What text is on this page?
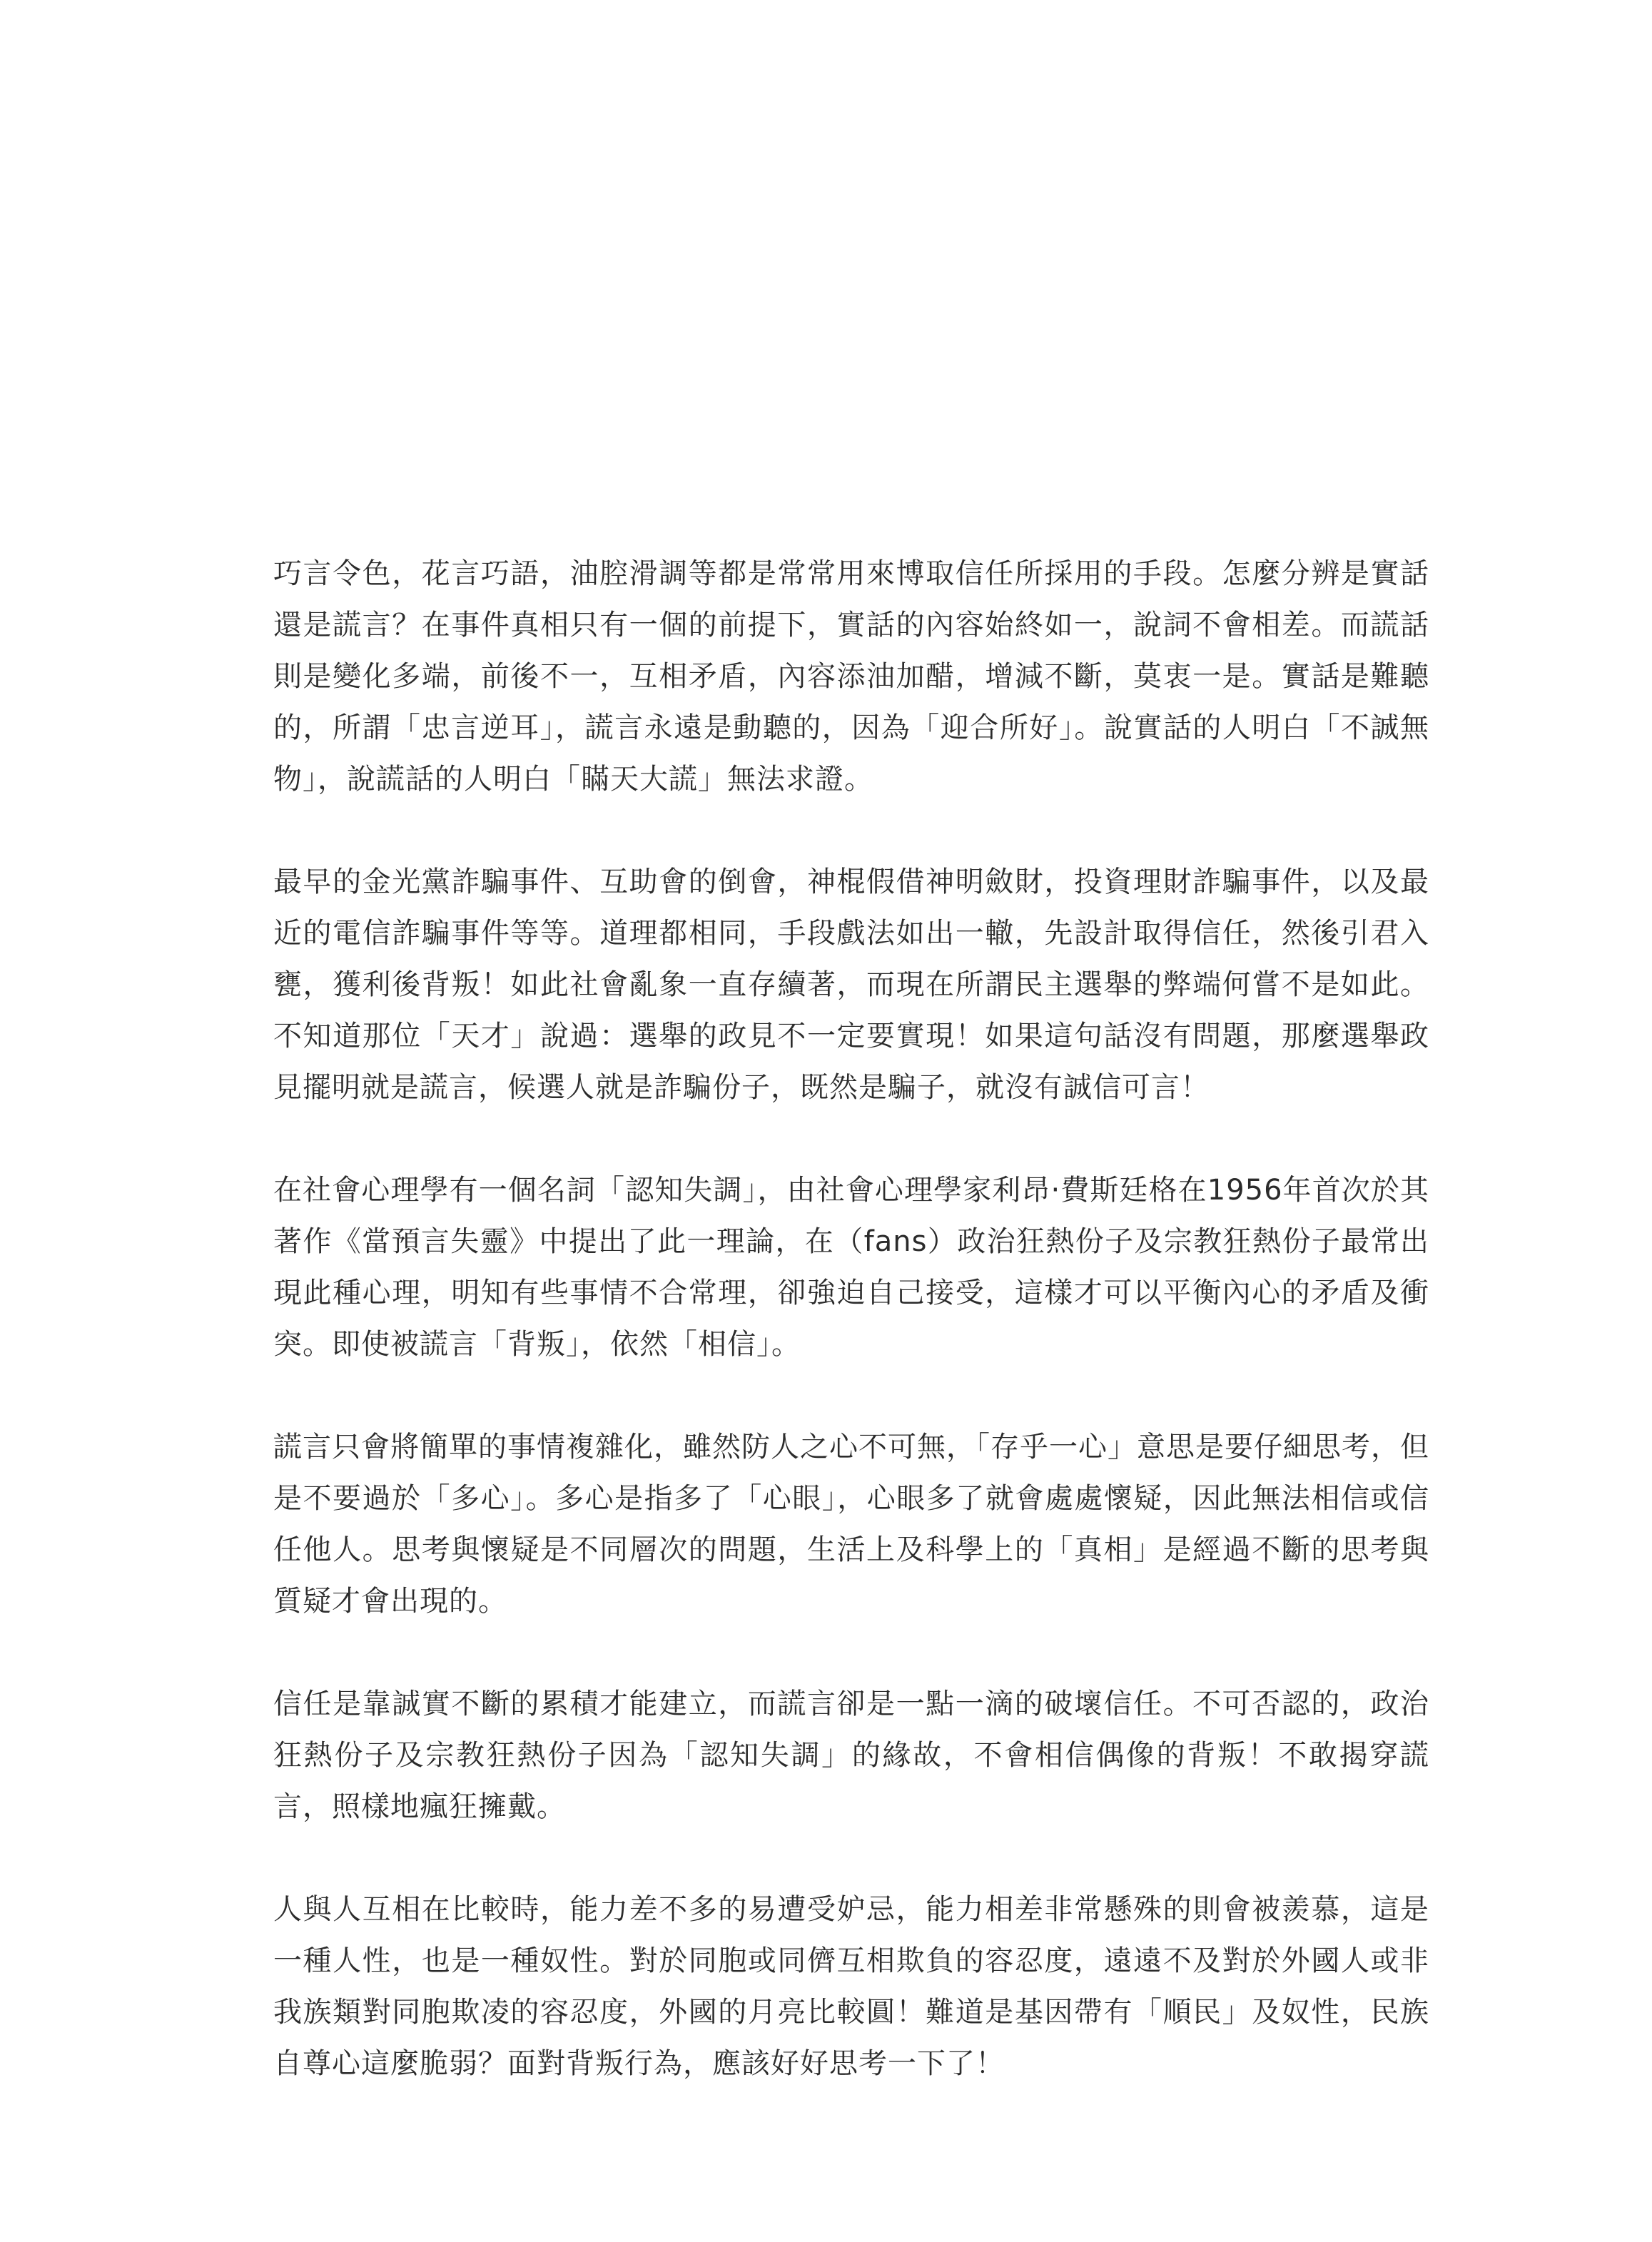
巧言令色，花言巧語，油腔滑調等都是常常用來博取信任所採用的手段。怎麼分辨是實話還是謊言？在事件真相只有一個的前提下，實話的內容始終如一，說詞不會相差。而謊話則是變化多端，前後不一，互相矛盾，內容添油加醋，增減不斷，莫衷一是。實話是難聽的，所謂「忠言逆耳」，謊言永遠是動聽的，因為「迎合所好」。說實話的人明白「不誠無物」，說謊話的人明白「瞞天大謊」無法求證。

最早的金光黨詐騙事件、互助會的倒會，神棍假借神明斂財，投資理財詐騙事件，以及最近的電信詐騙事件等等。道理都相同，手段戲法如出一轍，先設計取得信任，然後引君入甕，獲利後背叛！如此社會亂象一直存續著，而現在所謂民主選舉的弊端何嘗不是如此。不知道那位「天才」說過：選舉的政見不一定要實現！如果這句話沒有問題，那麼選舉政見擺明就是謊言，候選人就是詐騙份子，既然是騙子，就沒有誠信可言！

在社會心理學有一個名詞「認知失調」，由社會心理學家利昂·費斯廷格在1956年首次於其著作《當預言失靈》中提出了此一理論，在（fans）政治狂熱份子及宗教狂熱份子最常出現此種心理，明知有些事情不合常理，卻強迫自己接受，這樣才可以平衡內心的矛盾及衝突。即使被謊言「背叛」，依然「相信」。

謊言只會將簡單的事情複雜化，雖然防人之心不可無，「存乎一心」意思是要仔細思考，但是不要過於「多心」。多心是指多了「心眼」，心眼多了就會處處懷疑，因此無法相信或信任他人。思考與懷疑是不同層次的問題，生活上及科學上的「真相」是經過不斷的思考與質疑才會出現的。

信任是靠誠實不斷的累積才能建立，而謊言卻是一點一滴的破壞信任。不可否認的，政治狂熱份子及宗教狂熱份子因為「認知失調」的緣故，不會相信偶像的背叛！不敢揭穿謊言，照樣地瘋狂擁戴。

人與人互相在比較時，能力差不多的易遭受妒忌，能力相差非常懸殊的則會被羨慕，這是一種人性，也是一種奴性。對於同胞或同儕互相欺負的容忍度，遠遠不及對於外國人或非我族類對同胞欺凌的容忍度，外國的月亮比較圓！難道是基因帶有「順民」及奴性，民族自尊心這麼脆弱？面對背叛行為，應該好好思考一下了！
